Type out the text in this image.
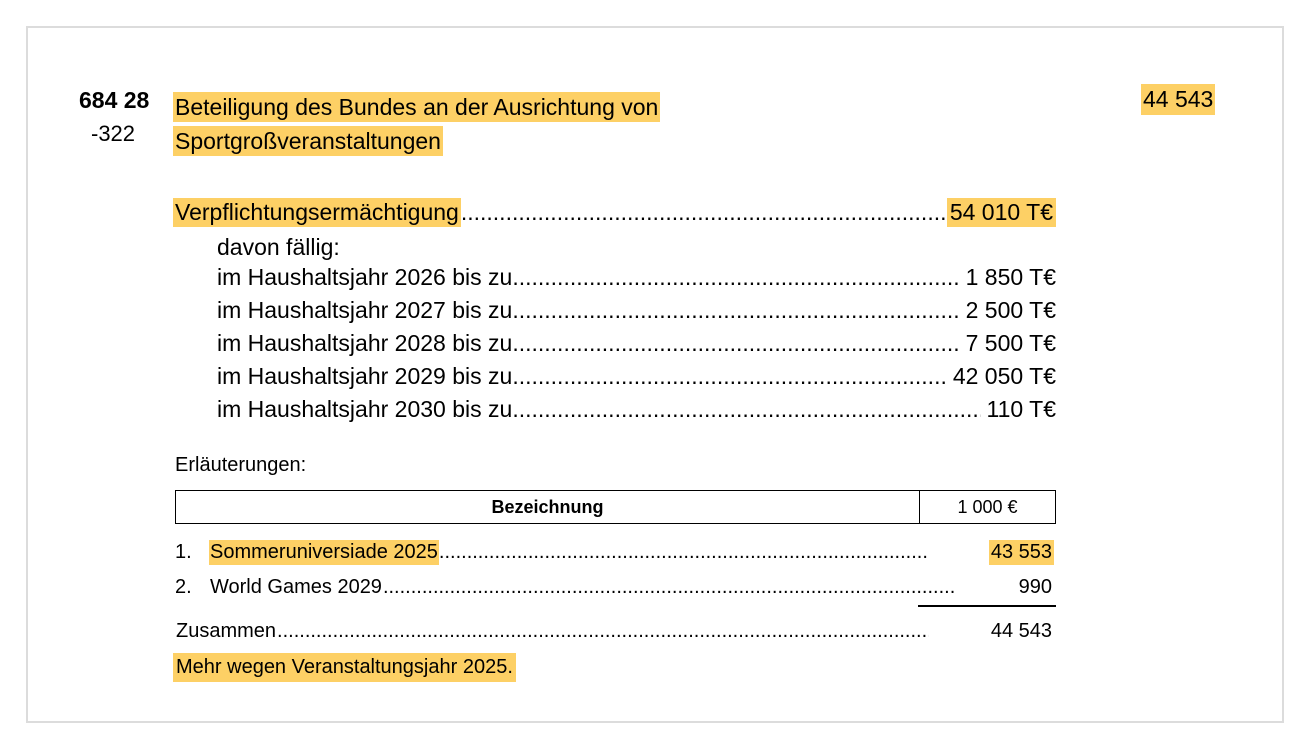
684 28
-322
Beteiligung des Bundes an der Ausrichtung von
Sportgroßveranstaltungen
44 543
Verpflichtungsermächtigung .....	54 010 T€
davon fällig:
im Haushaltsjahr 2026 bis zu .....	1 850 T€
im Haushaltsjahr 2027 bis zu .....	2 500 T€
im Haushaltsjahr 2028 bis zu .....	7 500 T€
im Haushaltsjahr 2029 bis zu .....	42 050 T€
im Haushaltsjahr 2030 bis zu .....	110 T€
Erläuterungen:
Bezeichnung	1 000 €
1. Sommeruniversiade 2025 .....	43 553
2. World Games 2029 .....	990
Zusammen .....	44 543
Mehr wegen Veranstaltungsjahr 2025.
